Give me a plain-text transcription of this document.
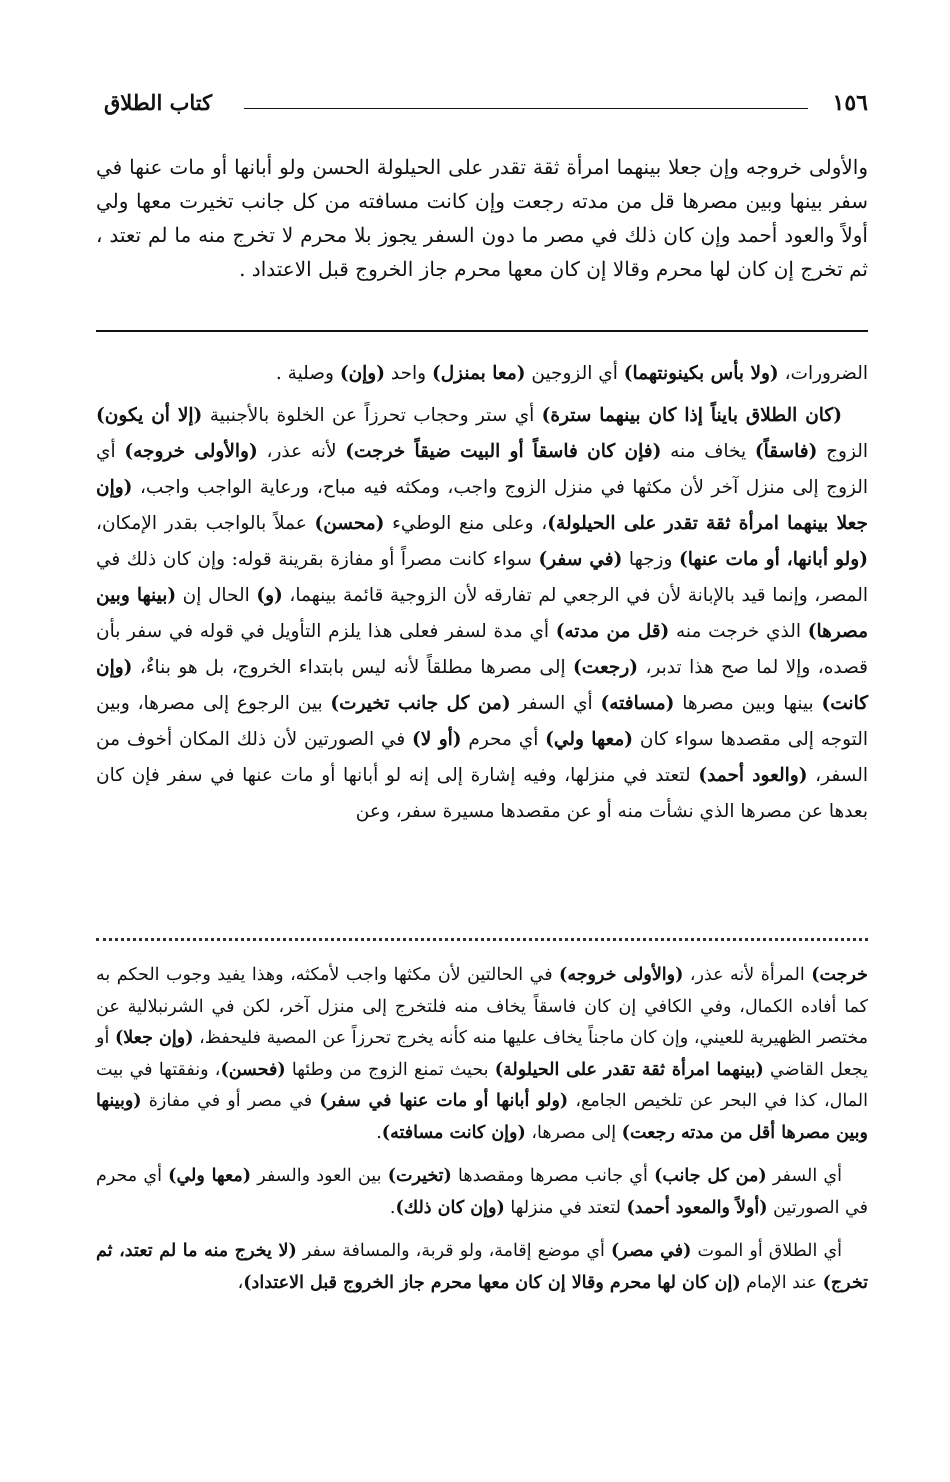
١٥٦
كتاب الطلاق

والأولى خروجه وإن جعلا بينهما امرأة ثقة تقدر على الحيلولة الحسن ولو أبانها أو مات عنها في سفر بينها وبين مصرها قل من مدته رجعت وإن كانت مسافته من كل جانب تخيرت معها ولي أولاً والعود أحمد وإن كان ذلك في مصر ما دون السفر يجوز بلا محرم لا تخرج منه ما لم تعتد ، ثم تخرج إن كان لها محرم وقالا إن كان معها محرم جاز الخروج قبل الاعتداد .

الضرورات، (ولا بأس بكينونتهما) أي الزوجين (معا بمنزل) واحد (وإن) وصلية .

(كان الطلاق بايناً إذا كان بينهما سترة) أي ستر وحجاب تحرزاً عن الخلوة بالأجنبية (إلا أن يكون) الزوج (فاسقاً) يخاف منه (فإن كان فاسقاً أو البيت ضيقاً خرجت) لأنه عذر، (والأولى خروجه) أي الزوج إلى منزل آخر لأن مكثها في منزل الزوج واجب، ومكثه فيه مباح، ورعاية الواجب واجب، (وإن جعلا بينهما امرأة ثقة تقدر على الحيلولة)، وعلى منع الوطيء (محسن) عملاً بالواجب بقدر الإمكان، (ولو أبانها، أو مات عنها) وزجها (في سفر) سواء كانت مصراً أو مفازة بقرينة قوله: وإن كان ذلك في المصر، وإنما قيد بالإبانة لأن في الرجعي لم تفارقه لأن الزوجية قائمة بينهما، (و) الحال إن (بينها وبين مصرها) الذي خرجت منه (قل من مدته) أي مدة لسفر فعلى هذا يلزم التأويل في قوله في سفر بأن قصده، وإلا لما صح هذا تدبر، (رجعت) إلى مصرها مطلقاً لأنه ليس بابتداء الخروج، بل هو بناءٌ، (وإن كانت) بينها وبين مصرها (مسافته) أي السفر (من كل جانب تخيرت) بين الرجوع إلى مصرها، وبين التوجه إلى مقصدها سواء كان (معها ولي) أي محرم (أو لا) في الصورتين لأن ذلك المكان أخوف من السفر، (والعود أحمد) لتعتد في منزلها، وفيه إشارة إلى إنه لو أبانها أو مات عنها في سفر فإن كان بعدها عن مصرها الذي نشأت منه أو عن مقصدها مسيرة سفر، وعن

خرجت) المرأة لأنه عذر، (والأولى خروجه) في الحالتين لأن مكثها واجب لأمكثه، وهذا يفيد وجوب الحكم به كما أفاده الكمال، وفي الكافي إن كان فاسقاً يخاف منه فلتخرج إلى منزل آخر، لكن في الشرنبلالية عن مختصر الظهيرية للعيني، وإن كان ماجناً يخاف عليها منه كأنه يخرج تحرزاً عن المصية فليحفظ، (وإن جعلا) أو يجعل القاضي (بينهما امرأة ثقة تقدر على الحيلولة) بحيث تمنع الزوج من وطئها (فحسن)، ونفقتها في بيت المال، كذا في البحر عن تلخيص الجامع، (ولو أبانها أو مات عنها في سفر) في مصر أو في مفازة (وبينها وبين مصرها أقل من مدته رجعت) إلى مصرها، (وإن كانت مسافته).

أي السفر (من كل جانب) أي جانب مصرها ومقصدها (تخيرت) بين العود والسفر (معها ولي) أي محرم في الصورتين (أولاً والمعود أحمد) لتعتد في منزلها (وإن كان ذلك).

أي الطلاق أو الموت (في مصر) أي موضع إقامة، ولو قربة، والمسافة سفر (لا يخرج منه ما لم تعتد، ثم تخرج) عند الإمام (إن كان لها محرم وقالا إن كان معها محرم جاز الخروج قبل الاعتداد)،
